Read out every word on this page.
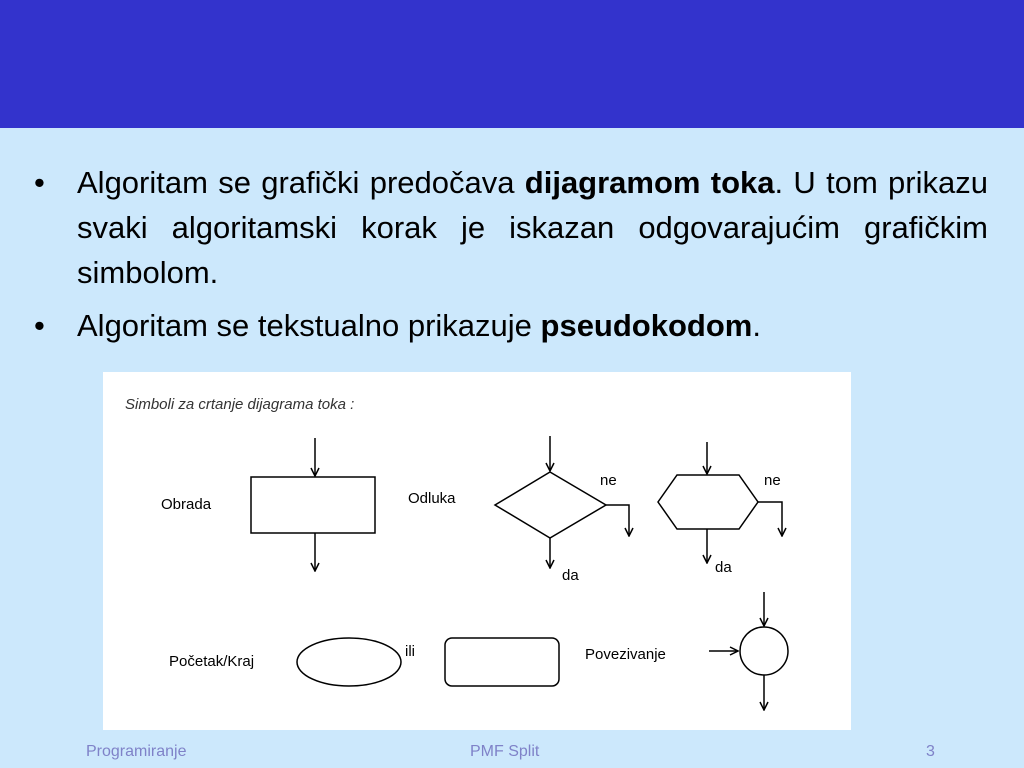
• Algoritam se grafički predočava dijagramom toka. U tom prikazu svaki algoritamski korak je iskazan odgovarajućim grafičkim simbolom.
• Algoritam se tekstualno prikazuje pseudokodom.
Simboli za crtanje dijagrama toka :
Obrada	Odluka
ne
da
ne
da
Početak/Kraj
ili	Povezivanje
Programiranje	PMF Split	3
